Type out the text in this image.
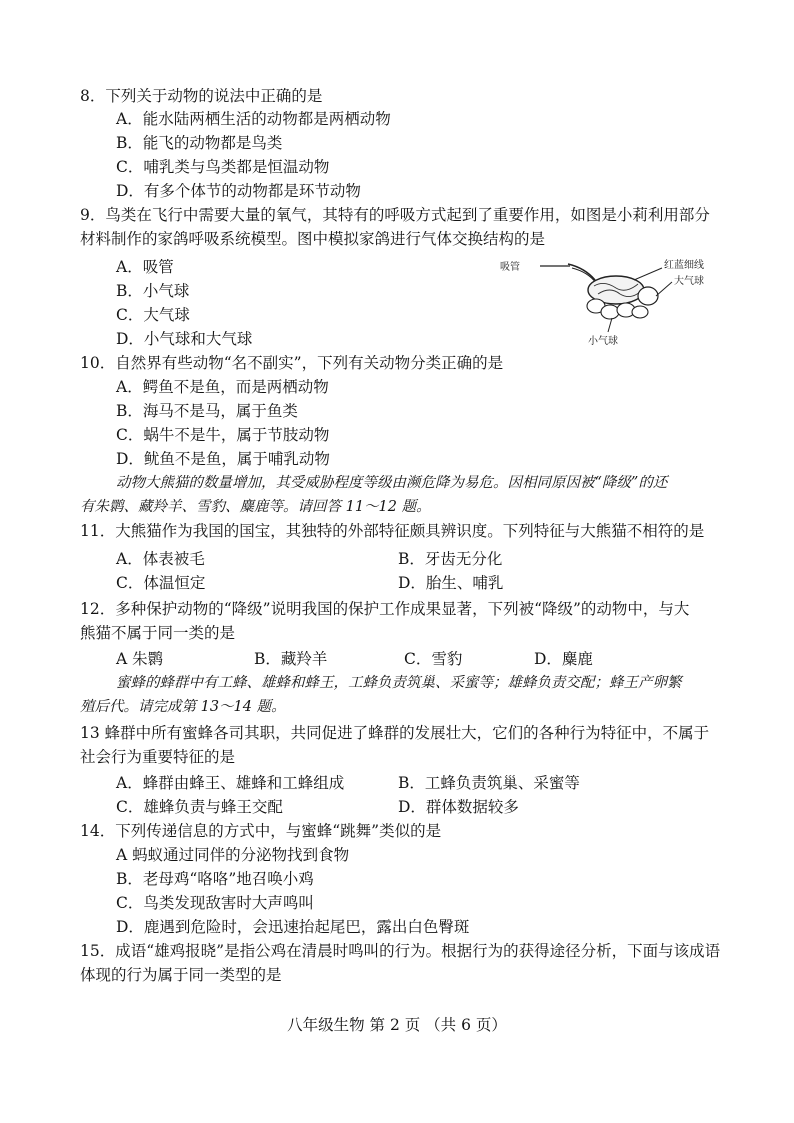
8．下列关于动物的说法中正确的是
A．能水陆两栖生活的动物都是两栖动物
B．能飞的动物都是鸟类
C．哺乳类与鸟类都是恒温动物
D．有多个体节的动物都是环节动物
9．鸟类在飞行中需要大量的氧气，其特有的呼吸方式起到了重要作用，如图是小莉利用部分
材料制作的家鸽呼吸系统模型。图中模拟家鸽进行气体交换结构的是
A．吸管
B．小气球
C．大气球
D．小气球和大气球
吸管	红蓝细线
大气球
小气球
10．自然界有些动物“名不副实”，下列有关动物分类正确的是
A．鳄鱼不是鱼，而是两栖动物
B．海马不是马，属于鱼类
C．蜗牛不是牛，属于节肢动物
D．鱿鱼不是鱼，属于哺乳动物
动物大熊猫的数量增加，其受威胁程度等级由濒危降为易危。因相同原因被“降级”的还
有朱鹮、藏羚羊、雪豹、麋鹿等。请回答 11～12 题。
11．大熊猫作为我国的国宝，其独特的外部特征颇具辨识度。下列特征与大熊猫不相符的是
A．体表被毛	B．牙齿无分化
C．体温恒定	D．胎生、哺乳
12．多种保护动物的“降级”说明我国的保护工作成果显著，下列被“降级”的动物中，与大
熊猫不属于同一类的是
A 朱鹮	B．藏羚羊	C．雪豹	D．麋鹿
蜜蜂的蜂群中有工蜂、雄蜂和蜂王，工蜂负责筑巢、采蜜等；雄蜂负责交配；蜂王产卵繁
殖后代。请完成第 13～14 题。
13 蜂群中所有蜜蜂各司其职，共同促进了蜂群的发展壮大，它们的各种行为特征中，不属于
社会行为重要特征的是
A．蜂群由蜂王、雄蜂和工蜂组成	B．工蜂负责筑巢、采蜜等
C．雄蜂负责与蜂王交配	D．群体数据较多
14．下列传递信息的方式中，与蜜蜂“跳舞”类似的是
A 蚂蚁通过同伴的分泌物找到食物
B．老母鸡“咯咯”地召唤小鸡
C．鸟类发现敌害时大声鸣叫
D．鹿遇到危险时，会迅速抬起尾巴，露出白色臀斑
15．成语“雄鸡报晓”是指公鸡在清晨时鸣叫的行为。根据行为的获得途径分析，下面与该成语
体现的行为属于同一类型的是
八年级生物 第 2 页 （共 6 页）
